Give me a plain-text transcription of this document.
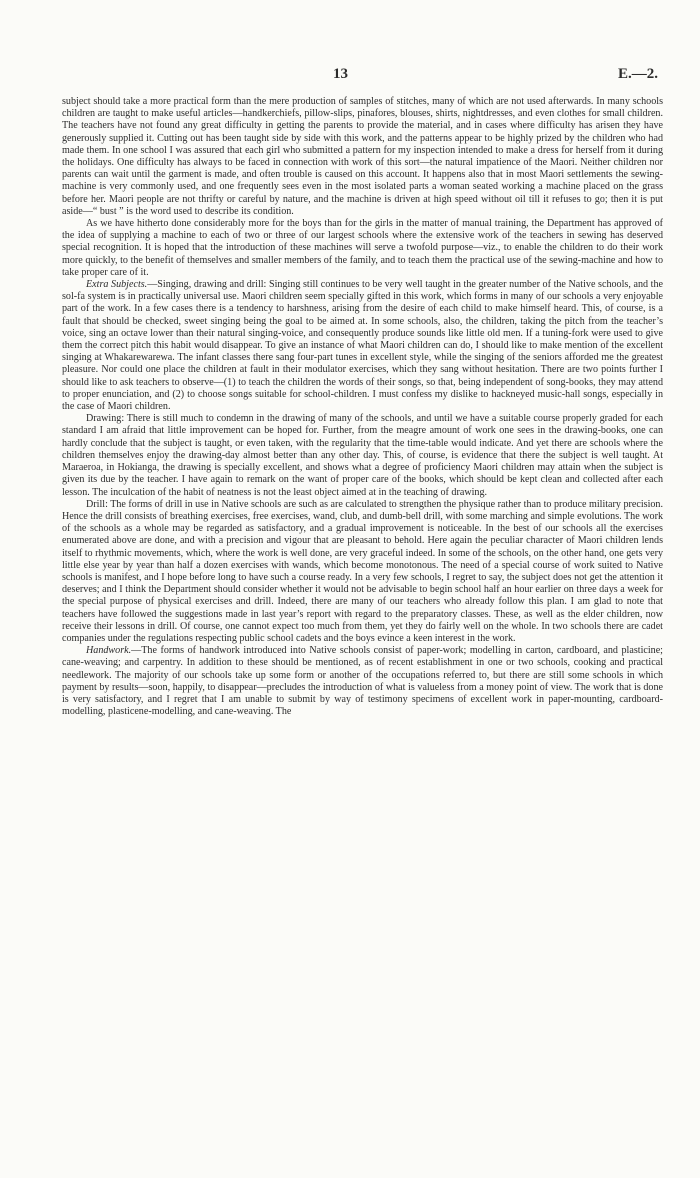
13	E.—2.

subject should take a more practical form than the mere production of samples of stitches, many of which are not used afterwards. In many schools children are taught to make useful articles—handkerchiefs, pillow-slips, pinafores, blouses, shirts, nightdresses, and even clothes for small children. The teachers have not found any great difficulty in getting the parents to provide the material, and in cases where difficulty has arisen they have generously supplied it. Cutting out has been taught side by side with this work, and the patterns appear to be highly prized by the children who had made them. In one school I was assured that each girl who submitted a pattern for my inspection intended to make a dress for herself from it during the holidays. One difficulty has always to be faced in connection with work of this sort—the natural impatience of the Maori. Neither children nor parents can wait until the garment is made, and often trouble is caused on this account. It happens also that in most Maori settlements the sewing-machine is very commonly used, and one frequently sees even in the most isolated parts a woman seated working a machine placed on the grass before her. Maori people are not thrifty or careful by nature, and the machine is driven at high speed without oil till it refuses to go; then it is put aside—“ bust ” is the word used to describe its condition.

As we have hitherto done considerably more for the boys than for the girls in the matter of manual training, the Department has approved of the idea of supplying a machine to each of two or three of our largest schools where the extensive work of the teachers in sewing has deserved special recognition. It is hoped that the introduction of these machines will serve a twofold purpose—viz., to enable the children to do their work more quickly, to the benefit of themselves and smaller members of the family, and to teach them the practical use of the sewing-machine and how to take proper care of it.

Extra Subjects.—Singing, drawing and drill: Singing still continues to be very well taught in the greater number of the Native schools, and the sol-fa system is in practically universal use. Maori children seem specially gifted in this work, which forms in many of our schools a very enjoyable part of the work. In a few cases there is a tendency to harshness, arising from the desire of each child to make himself heard. This, of course, is a fault that should be checked, sweet singing being the goal to be aimed at. In some schools, also, the children, taking the pitch from the teacher’s voice, sing an octave lower than their natural singing-voice, and consequently produce sounds like little old men. If a tuning-fork were used to give them the correct pitch this habit would disappear. To give an instance of what Maori children can do, I should like to make mention of the excellent singing at Whakarewarewa. The infant classes there sang four-part tunes in excellent style, while the singing of the seniors afforded me the greatest pleasure. Nor could one place the children at fault in their modulator exercises, which they sang without hesitation. There are two points further I should like to ask teachers to observe—(1) to teach the children the words of their songs, so that, being independent of song-books, they may attend to proper enunciation, and (2) to choose songs suitable for school-children. I must confess my dislike to hackneyed music-hall songs, especially in the case of Maori children.

Drawing: There is still much to condemn in the drawing of many of the schools, and until we have a suitable course properly graded for each standard I am afraid that little improvement can be hoped for. Further, from the meagre amount of work one sees in the drawing-books, one can hardly conclude that the subject is taught, or even taken, with the regularity that the time-table would indicate. And yet there are schools where the children themselves enjoy the drawing-day almost better than any other day. This, of course, is evidence that there the subject is well taught. At Maraeroa, in Hokianga, the drawing is specially excellent, and shows what a degree of proficiency Maori children may attain when the subject is given its due by the teacher. I have again to remark on the want of proper care of the books, which should be kept clean and collected after each lesson. The inculcation of the habit of neatness is not the least object aimed at in the teaching of drawing.

Drill: The forms of drill in use in Native schools are such as are calculated to strengthen the physique rather than to produce military precision. Hence the drill consists of breathing exercises, free exercises, wand, club, and dumb-bell drill, with some marching and simple evolutions. The work of the schools as a whole may be regarded as satisfactory, and a gradual improvement is noticeable. In the best of our schools all the exercises enumerated above are done, and with a precision and vigour that are pleasant to behold. Here again the peculiar character of Maori children lends itself to rhythmic movements, which, where the work is well done, are very graceful indeed. In some of the schools, on the other hand, one gets very little else year by year than half a dozen exercises with wands, which become monotonous. The need of a special course of work suited to Native schools is manifest, and I hope before long to have such a course ready. In a very few schools, I regret to say, the subject does not get the attention it deserves; and I think the Department should consider whether it would not be advisable to begin school half an hour earlier on three days a week for the special purpose of physical exercises and drill. Indeed, there are many of our teachers who already follow this plan. I am glad to note that teachers have followed the suggestions made in last year’s report with regard to the preparatory classes. These, as well as the elder children, now receive their lessons in drill. Of course, one cannot expect too much from them, yet they do fairly well on the whole. In two schools there are cadet companies under the regulations respecting public school cadets and the boys evince a keen interest in the work.

Handwork.—The forms of handwork introduced into Native schools consist of paper-work; modelling in carton, cardboard, and plasticine; cane-weaving; and carpentry. In addition to these should be mentioned, as of recent establishment in one or two schools, cooking and practical needlework. The majority of our schools take up some form or another of the occupations referred to, but there are still some schools in which payment by results—soon, happily, to disappear—precludes the introduction of what is valueless from a money point of view. The work that is done is very satisfactory, and I regret that I am unable to submit by way of testimony specimens of excellent work in paper-mounting, cardboard-modelling, plasticene-modelling, and cane-weaving. The
